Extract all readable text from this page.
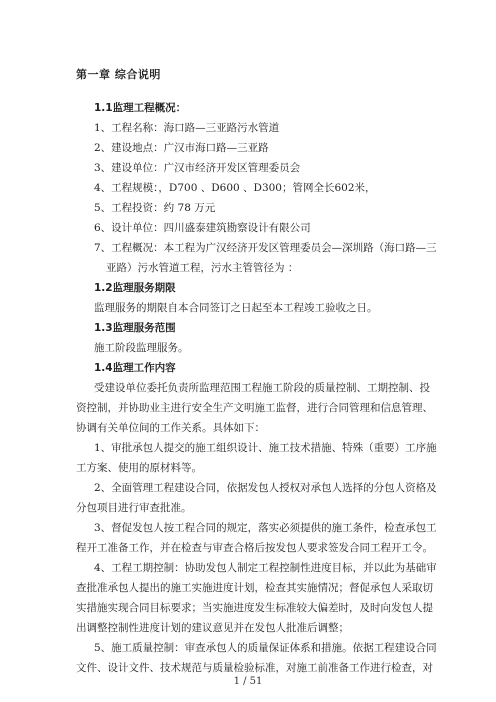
第一章 综合说明
1.1监理工程概况：
1、工程名称：海口路—三亚路污水管道
2、建设地点：广汉市海口路—三亚路
3、建设单位：广汉市经济开发区管理委员会
4、工程规模：，D700 、D600 、D300；管网全长602米，
5、工程投资：约 78 万元
6、设计单位：四川盛泰建筑勘察设计有限公司
7、工程概况：本工程为广汉经济开发区管理委员会—深圳路（海口路—三
亚路）污水管道工程，污水主管管径为 ：
1.2监理服务期限
监理服务的期限自本合同签订之日起至本工程竣工验收之日。
1.3监理服务范围
施工阶段监理服务。
1.4监理工作内容
受建设单位委托负责所监理范围工程施工阶段的质量控制、工期控制、投
资控制，并协助业主进行安全生产文明施工监督，进行合同管理和信息管理、
协调有关单位间的工作关系。具体如下：
1、审批承包人提交的施工组织设计、施工技术措施、特殊（重要）工序施
工方案、使用的原材料等。
2、全面管理工程建设合同，依据发包人授权对承包人选择的分包人资格及
分包项目进行审查批准。
3、督促发包人按工程合同的规定，落实必须提供的施工条件，检查承包工
程开工准备工作，并在检查与审查合格后按发包人要求签发合同工程开工令。
4、工程工期控制：协助发包人制定工程控制性进度目标，并以此为基础审
查批准承包人提出的施工实施进度计划，检查其实施情况；督促承包人采取切
实措施实现合同目标要求；当实施进度发生标准较大偏差时，及时向发包人提
出调整控制性进度计划的建议意见并在发包人批准后调整；
5、施工质量控制：审查承包人的质量保证体系和措施。依据工程建设合同
文件、设计文件、技术规范与质量检验标准，对施工前准备工作进行检查，对
1 / 51
